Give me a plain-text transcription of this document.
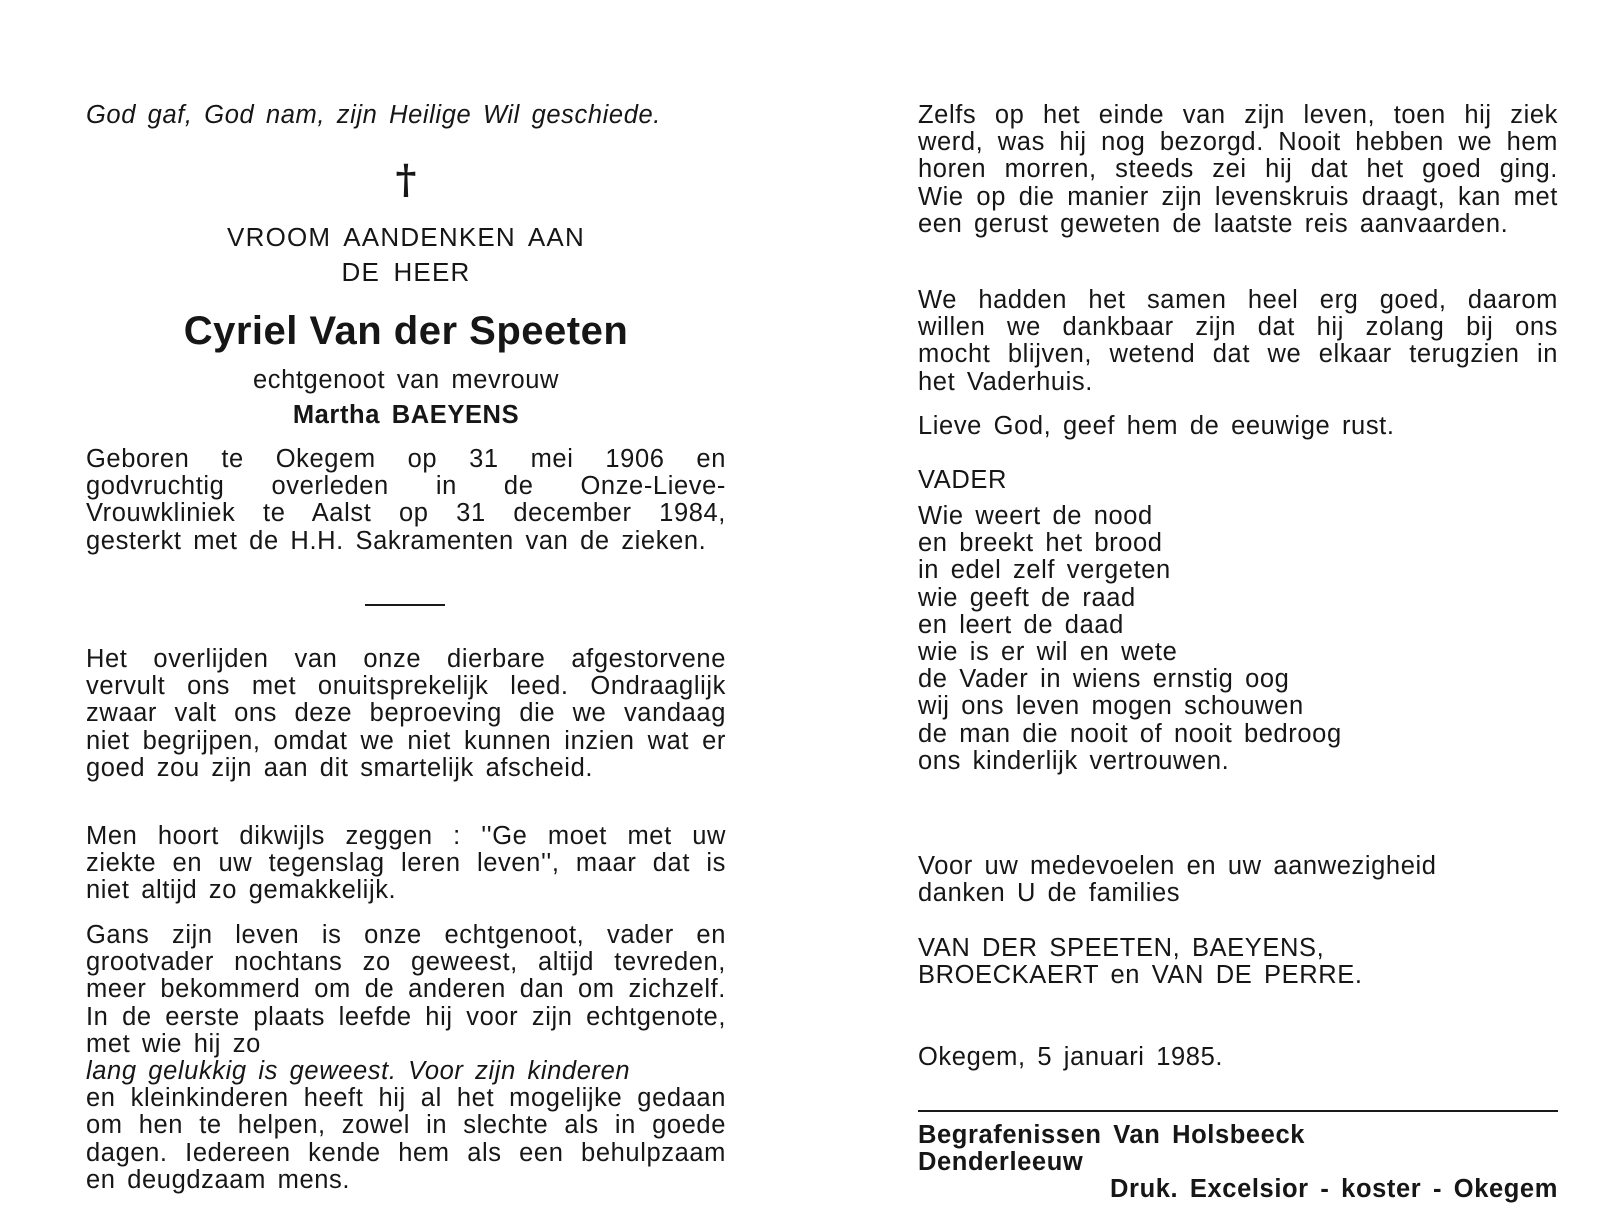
God gaf, God nam, zijn Heilige Wil geschiede.

†
VROOM AANDENKEN AAN
DE HEER
Cyriel Van der Speeten
echtgenoot van mevrouw
Martha BAEYENS

Geboren te Okegem op 31 mei 1906 en godvruchtig overleden in de Onze-Lieve-Vrouwkliniek te Aalst op 31 december 1984, gesterkt met de H.H. Sakramenten van de zieken.

Het overlijden van onze dierbare afgestorvene vervult ons met onuitsprekelijk leed. Ondraaglijk zwaar valt ons deze beproeving die we vandaag niet begrijpen, omdat we niet kunnen inzien wat er goed zou zijn aan dit smartelijk afscheid.

Men hoort dikwijls zeggen : ''Ge moet met uw ziekte en uw tegenslag leren leven'', maar dat is niet altijd zo gemakkelijk.

Gans zijn leven is onze echtgenoot, vader en grootvader nochtans zo geweest, altijd tevreden, meer bekommerd om de anderen dan om zichzelf. In de eerste plaats leefde hij voor zijn echtgenote, met wie hij zo

lang gelukkig is geweest. Voor zijn kinderen

en kleinkinderen heeft hij al het mogelijke gedaan om hen te helpen, zowel in slechte als in goede dagen. Iedereen kende hem als een behulpzaam en deugdzaam mens.

Zelfs op het einde van zijn leven, toen hij ziek werd, was hij nog bezorgd. Nooit hebben we hem horen morren, steeds zei hij dat het goed ging. Wie op die manier zijn levenskruis draagt, kan met een gerust geweten de laatste reis aanvaarden.

We hadden het samen heel erg goed, daarom willen we dankbaar zijn dat hij zolang bij ons mocht blijven, wetend dat we elkaar terugzien in het Vaderhuis.

Lieve God, geef hem de eeuwige rust.
VADER
Wie weert de nood
en breekt het brood
in edel zelf vergeten
wie geeft de raad
en leert de daad
wie is er wil en wete
de Vader in wiens ernstig oog
wij ons leven mogen schouwen
de man die nooit of nooit bedroog
ons kinderlijk vertrouwen.
Voor uw medevoelen en uw aanwezigheid
danken U de families
VAN DER SPEETEN, BAEYENS,
BROECKAERT en VAN DE PERRE.
Okegem, 5 januari 1985.
Begrafenissen Van Holsbeeck
Denderleeuw
Druk. Excelsior - koster - Okegem
